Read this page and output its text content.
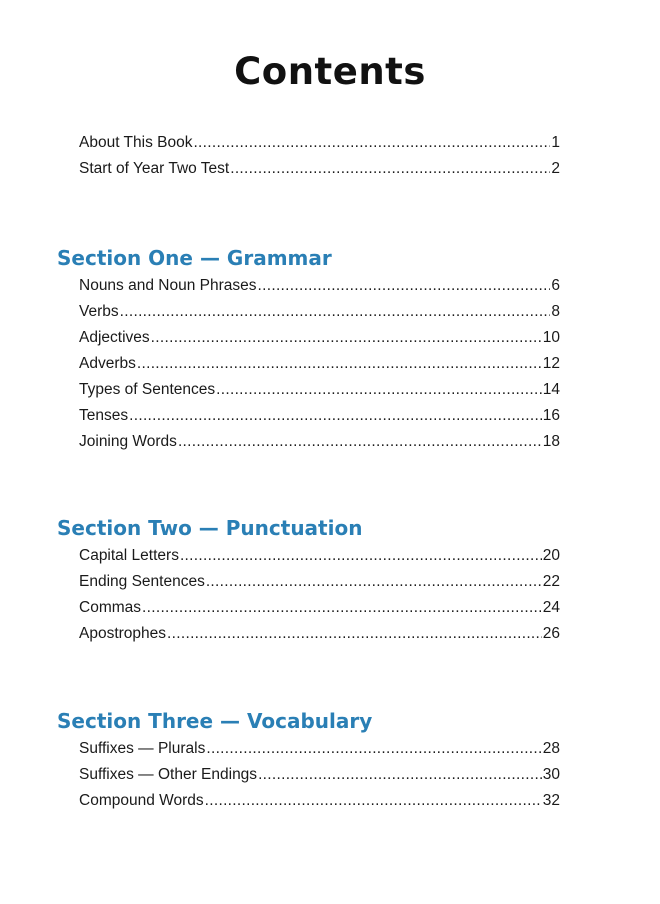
Contents
About This Book .....	1
Start of Year Two Test .....	2
Section One — Grammar
Nouns and Noun Phrases .....	6
Verbs .....	8
Adjectives .....	10
Adverbs .....	12
Types of Sentences .....	14
Tenses .....	16
Joining Words .....	18
Section Two — Punctuation
Capital Letters .....	20
Ending Sentences .....	22
Commas .....	24
Apostrophes .....	26
Section Three — Vocabulary
Suffixes — Plurals .....	28
Suffixes — Other Endings .....	30
Compound Words .....	32
